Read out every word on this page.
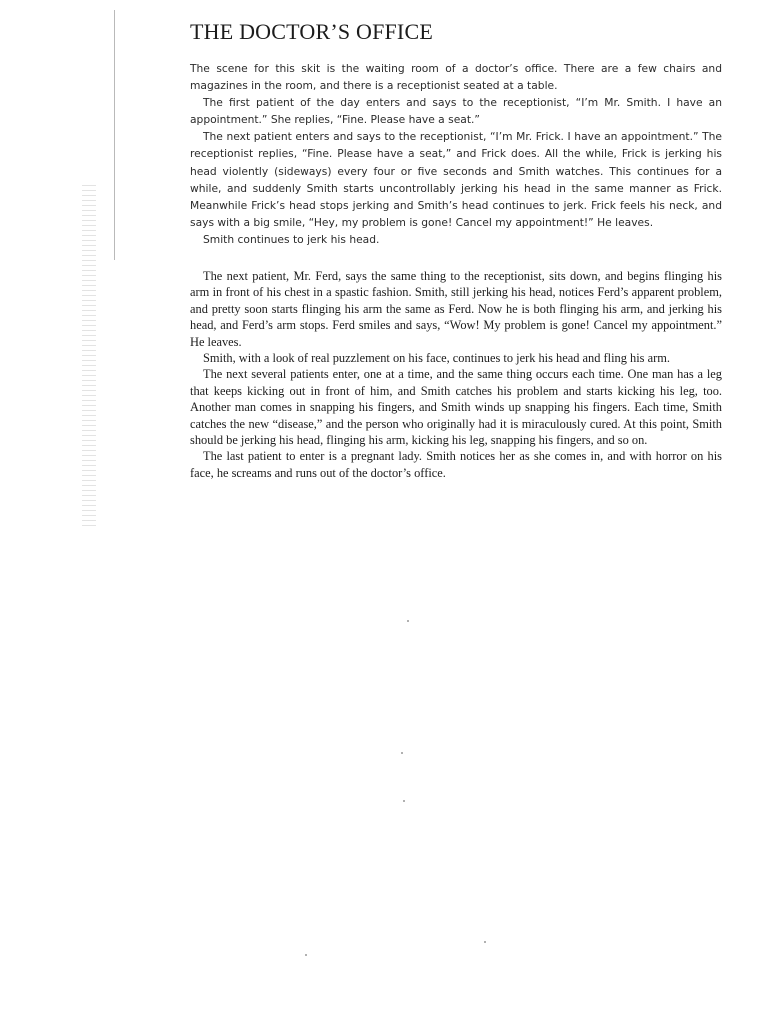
THE DOCTOR’S OFFICE

The scene for this skit is the waiting room of a doctor’s office. There are a few chairs and magazines in the room, and there is a receptionist seated at a table.

The first patient of the day enters and says to the receptionist, “I’m Mr. Smith. I have an appointment.” She replies, “Fine. Please have a seat.”

The next patient enters and says to the receptionist, “I’m Mr. Frick. I have an appointment.” The receptionist replies, “Fine. Please have a seat,” and Frick does. All the while, Frick is jerking his head violently (sideways) every four or five seconds and Smith watches. This continues for a while, and suddenly Smith starts uncontrollably jerking his head in the same manner as Frick. Meanwhile Frick’s head stops jerking and Smith’s head continues to jerk. Frick feels his neck, and says with a big smile, “Hey, my problem is gone! Cancel my appointment!” He leaves.

Smith continues to jerk his head.

The next patient, Mr. Ferd, says the same thing to the receptionist, sits down, and begins flinging his arm in front of his chest in a spastic fashion. Smith, still jerking his head, notices Ferd’s apparent problem, and pretty soon starts flinging his arm the same as Ferd. Now he is both flinging his arm, and jerking his head, and Ferd’s arm stops. Ferd smiles and says, “Wow! My problem is gone! Cancel my appointment.” He leaves.

Smith, with a look of real puzzlement on his face, continues to jerk his head and fling his arm.

The next several patients enter, one at a time, and the same thing occurs each time. One man has a leg that keeps kicking out in front of him, and Smith catches his problem and starts kicking his leg, too. Another man comes in snapping his fingers, and Smith winds up snapping his fingers. Each time, Smith catches the new “disease,” and the person who originally had it is miraculously cured. At this point, Smith should be jerking his head, flinging his arm, kicking his leg, snapping his fingers, and so on.

The last patient to enter is a pregnant lady. Smith notices her as she comes in, and with horror on his face, he screams and runs out of the doctor’s office.
